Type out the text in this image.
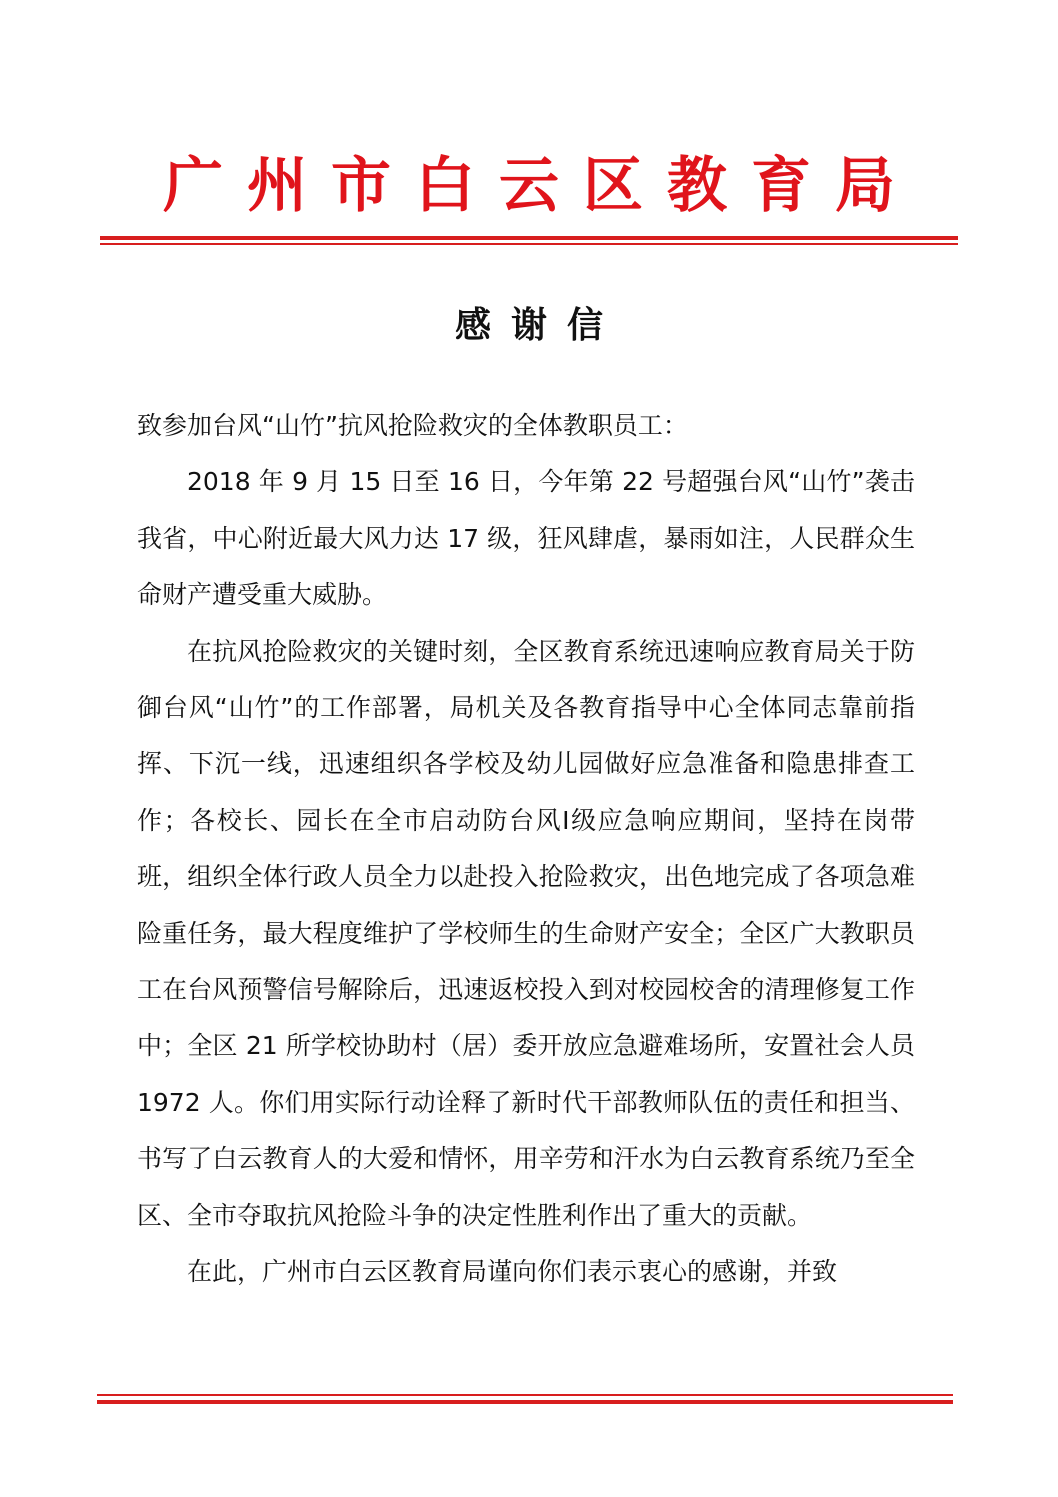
广州市白云区教育局
感谢信

致参加台风“山竹”抗风抢险救灾的全体教职员工：

2018 年 9 月 15 日至 16 日，今年第 22 号超强台风“山竹”袭击我省，中心附近最大风力达 17 级，狂风肆虐，暴雨如注，人民群众生命财产遭受重大威胁。

在抗风抢险救灾的关键时刻，全区教育系统迅速响应教育局关于防御台风“山竹”的工作部署，局机关及各教育指导中心全体同志靠前指挥、下沉一线，迅速组织各学校及幼儿园做好应急准备和隐患排查工作；各校长、园长在全市启动防台风Ⅰ级应急响应期间，坚持在岗带班，组织全体行政人员全力以赴投入抢险救灾，出色地完成了各项急难险重任务，最大程度维护了学校师生的生命财产安全；全区广大教职员工在台风预警信号解除后，迅速返校投入到对校园校舍的清理修复工作中；全区 21 所学校协助村（居）委开放应急避难场所，安置社会人员 1972 人。你们用实际行动诠释了新时代干部教师队伍的责任和担当、书写了白云教育人的大爱和情怀，用辛劳和汗水为白云教育系统乃至全区、全市夺取抗风抢险斗争的决定性胜利作出了重大的贡献。

在此，广州市白云区教育局谨向你们表示衷心的感谢，并致
